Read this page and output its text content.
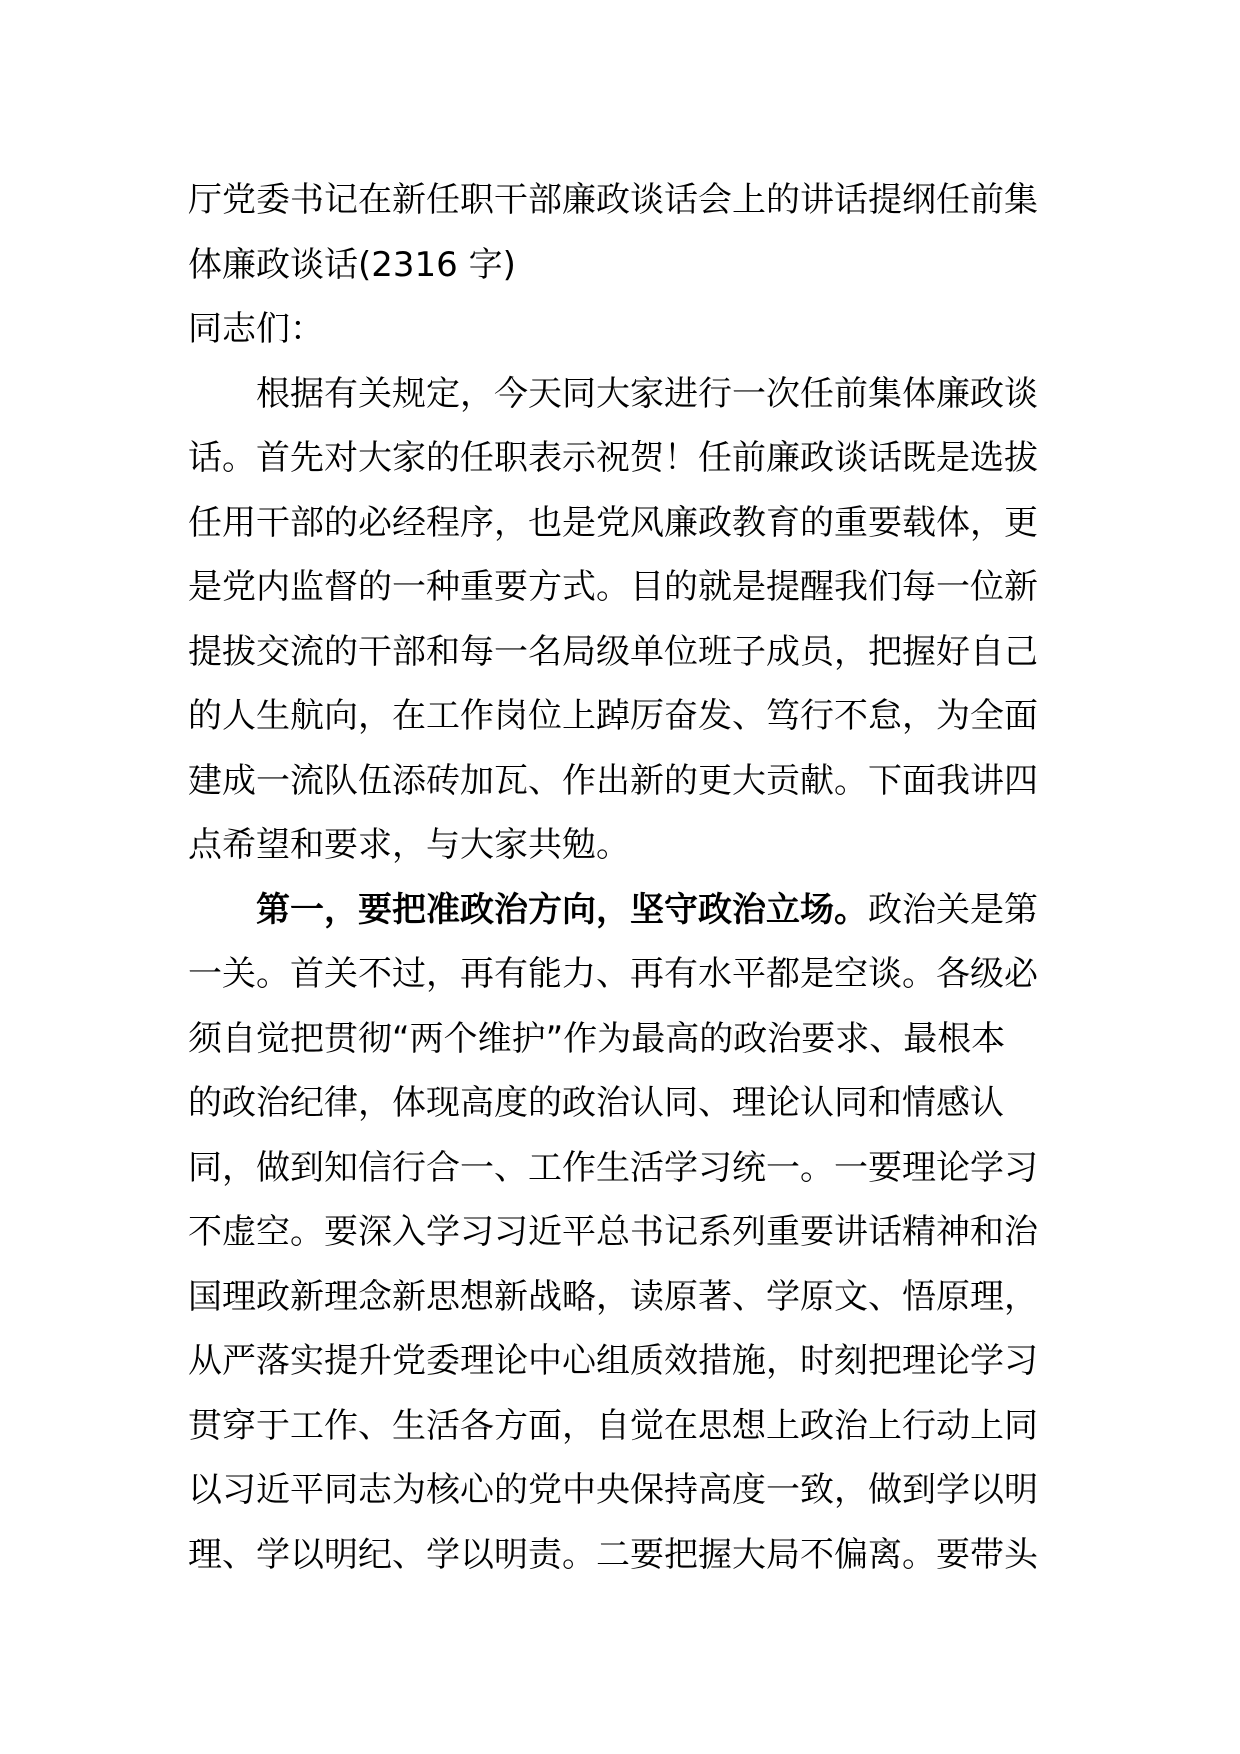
厅党委书记在新任职干部廉政谈话会上的讲话提纲任前集
体廉政谈话(2316 字)
同志们：
根据有关规定，今天同大家进行一次任前集体廉政谈
话。首先对大家的任职表示祝贺！任前廉政谈话既是选拔
任用干部的必经程序，也是党风廉政教育的重要载体，更
是党内监督的一种重要方式。目的就是提醒我们每一位新
提拔交流的干部和每一名局级单位班子成员，把握好自己
的人生航向，在工作岗位上踔厉奋发、笃行不怠，为全面
建成一流队伍添砖加瓦、作出新的更大贡献。下面我讲四
点希望和要求，与大家共勉。
第一，要把准政治方向，坚守政治立场。政治关是第
一关。首关不过，再有能力、再有水平都是空谈。各级必
须自觉把贯彻“两个维护”作为最高的政治要求、最根本
的政治纪律，体现高度的政治认同、理论认同和情感认
同，做到知信行合一、工作生活学习统一。一要理论学习
不虚空。要深入学习习近平总书记系列重要讲话精神和治
国理政新理念新思想新战略，读原著、学原文、悟原理，
从严落实提升党委理论中心组质效措施，时刻把理论学习
贯穿于工作、生活各方面，自觉在思想上政治上行动上同
以习近平同志为核心的党中央保持高度一致，做到学以明
理、学以明纪、学以明责。二要把握大局不偏离。要带头
